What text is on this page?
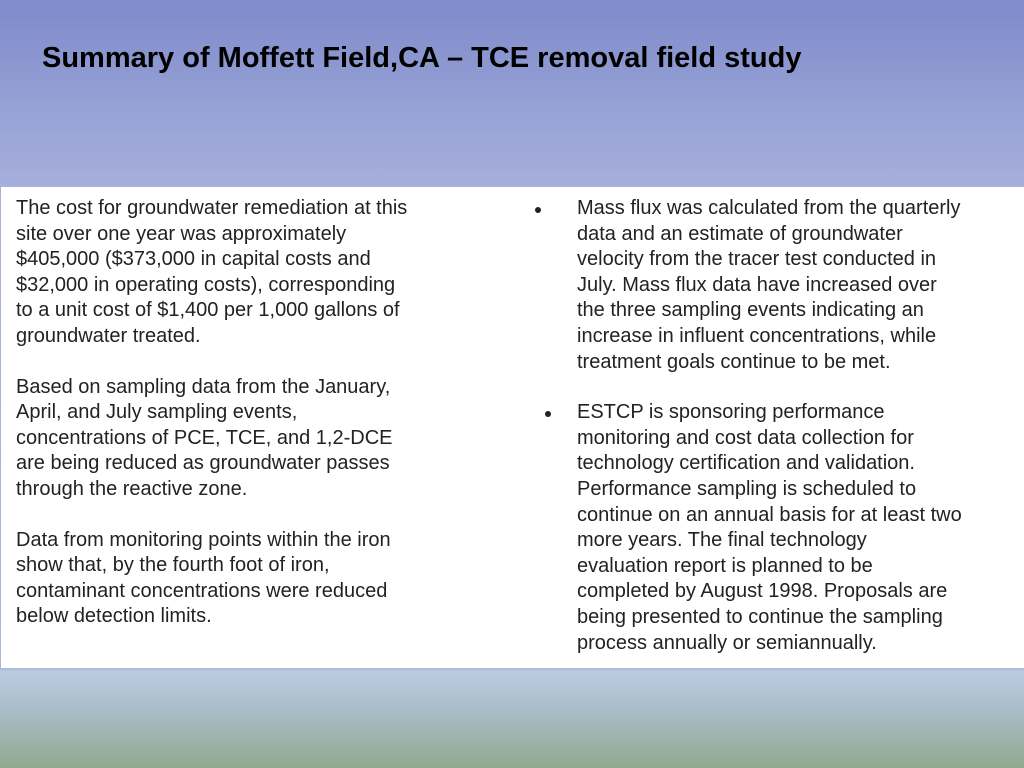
Summary of Moffett Field,CA – TCE removal field study

The cost for groundwater remediation at this
site over one year was approximately
$405,000 ($373,000 in capital costs and
$32,000 in operating costs), corresponding
to a unit cost of $1,400 per 1,000 gallons of
groundwater treated.

Based on sampling data from the January,
April, and July sampling events,
concentrations of PCE, TCE, and 1,2-DCE
are being reduced as groundwater passes
through the reactive zone.

Data from monitoring points within the iron
show that, by the fourth foot of iron,
contaminant concentrations were reduced
below detection limits.

Mass flux was calculated from the quarterly
data and an estimate of groundwater
velocity from the tracer test conducted in
July. Mass flux data have increased over
the three sampling events indicating an
increase in influent concentrations, while
treatment goals continue to be met.

ESTCP is sponsoring performance
monitoring and cost data collection for
technology certification and validation.
Performance sampling is scheduled to
continue on an annual basis for at least two
more years. The final technology
evaluation report is planned to be
completed by August 1998. Proposals are
being presented to continue the sampling
process annually or semiannually.
